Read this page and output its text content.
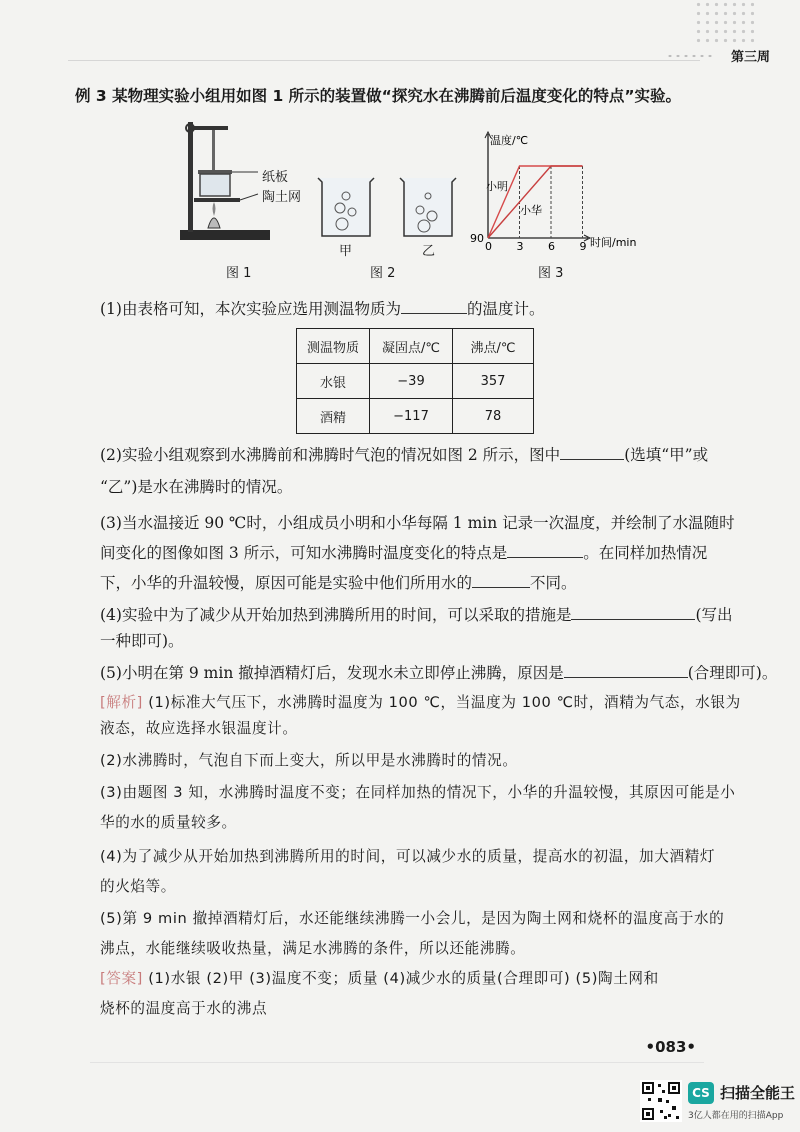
第三周
例 3 某物理实验小组用如图 1 所示的装置做“探究水在沸腾前后温度变化的特点”实验。
纸板
陶土网
图 1
甲	乙
图 2
温度/℃
时间/min
90
0 3 6 9
小明
小华
图 3
(1)由表格可知，本次实验应选用测温物质为	的温度计。
测温物质	凝固点/℃	沸点/℃
水银	−39	357
酒精	−117	78
(2)实验小组观察到水沸腾前和沸腾时气泡的情况如图 2 所示，图中	(选填“甲”或
“乙”)是水在沸腾时的情况。
(3)当水温接近 90 ℃时，小组成员小明和小华每隔 1 min 记录一次温度，并绘制了水温随时
间变化的图像如图 3 所示，可知水沸腾时温度变化的特点是	。在同样加热情况
下，小华的升温较慢，原因可能是实验中他们所用水的	不同。
(4)实验中为了减少从开始加热到沸腾所用的时间，可以采取的措施是	(写出
一种即可)。
(5)小明在第 9 min 撤掉酒精灯后，发现水未立即停止沸腾，原因是	(合理即可)。
[解析] (1)标准大气压下，水沸腾时温度为 100 ℃，当温度为 100 ℃时，酒精为气态，水银为
液态，故应选择水银温度计。
(2)水沸腾时，气泡自下而上变大，所以甲是水沸腾时的情况。
(3)由题图 3 知，水沸腾时温度不变；在同样加热的情况下，小华的升温较慢，其原因可能是小
华的水的质量较多。
(4)为了减少从开始加热到沸腾所用的时间，可以减少水的质量，提高水的初温，加大酒精灯
的火焰等。
(5)第 9 min 撤掉酒精灯后，水还能继续沸腾一小会儿，是因为陶土网和烧杯的温度高于水的
沸点，水能继续吸收热量，满足水沸腾的条件，所以还能沸腾。
[答案] (1)水银 (2)甲 (3)温度不变；质量 (4)减少水的质量(合理即可) (5)陶土网和
烧杯的温度高于水的沸点
•083•
CS 扫描全能王
3亿人都在用的扫描App
